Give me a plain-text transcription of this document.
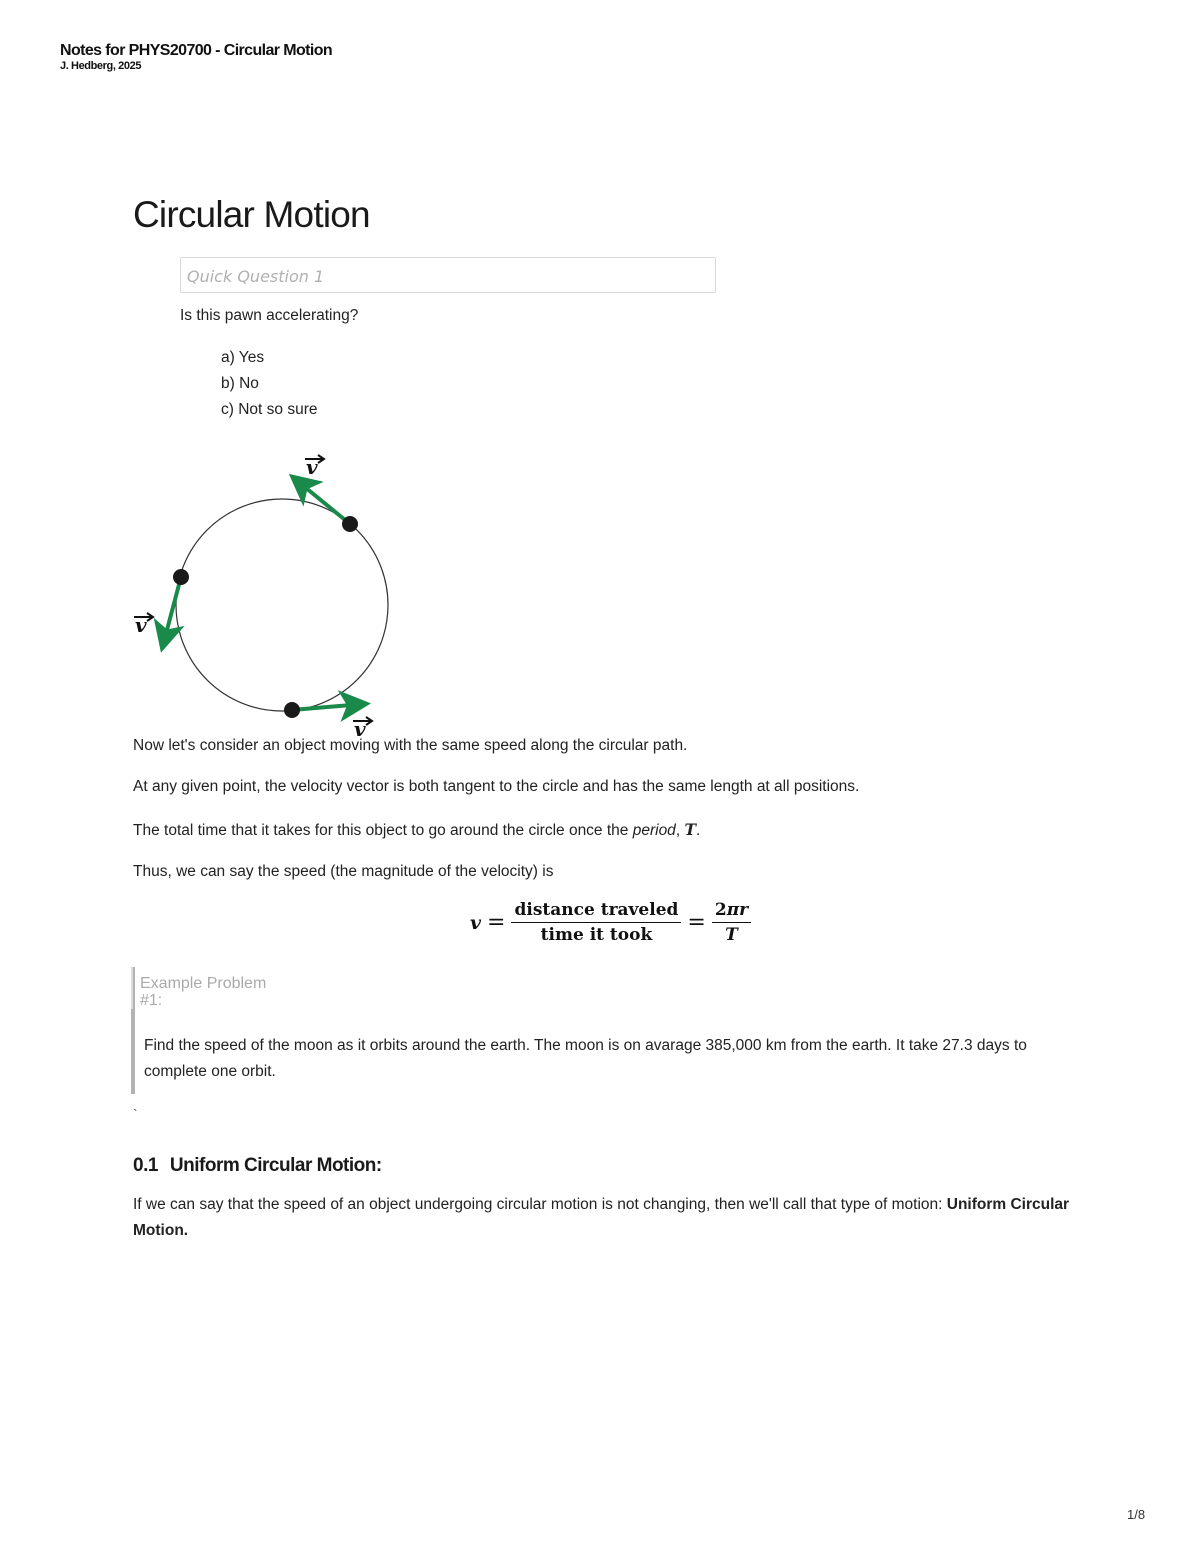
Notes for PHYS20700 - Circular Motion
J. Hedberg, 2025
Circular Motion
Quick Question 1
Is this pawn accelerating?
a) Yes
b) No
c) Not so sure
v
v
v
Now let's consider an object moving with the same speed along the circular path.
At any given point, the velocity vector is both tangent to the circle and has the same length at all positions.
The total time that it takes for this object to go around the circle once the period, T.
Thus, we can say the speed (the magnitude of the velocity) is
$v = \frac{\text{distance traveled}}{\text{time it took}} = \frac{2\pi r}{T}$
Example Problem
#1:
Find the speed of the moon as it orbits around the earth. The moon is on avarage 385,000 km from the earth. It take 27.3 days to complete one orbit.
`
0.1 Uniform Circular Motion:
If we can say that the speed of an object undergoing circular motion is not changing, then we'll call that type of motion: Uniform Circular Motion.
1/8
